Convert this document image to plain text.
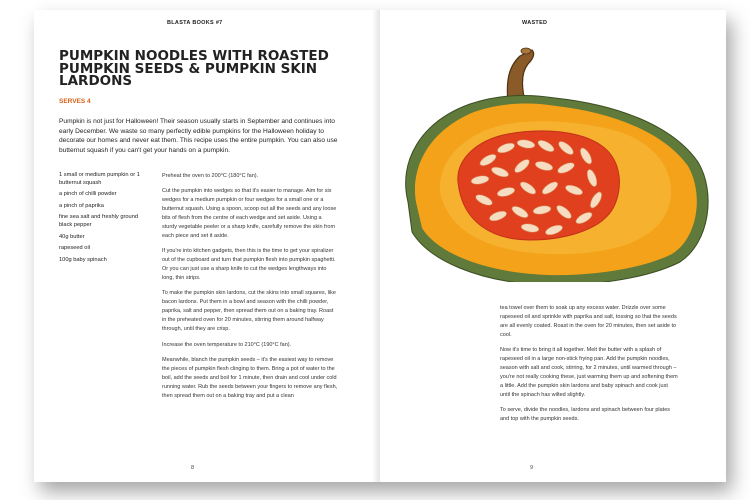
BLASTA BOOKS #7
PUMPKIN NOODLES WITH ROASTED PUMPKIN SEEDS & PUMPKIN SKIN LARDONS
SERVES 4

Pumpkin is not just for Halloween! Their season usually starts in September and continues into early December. We waste so many perfectly edible pumpkins for the Halloween holiday to decorate our homes and never eat them. This recipe uses the entire pumpkin. You can also use butternut squash if you can't get your hands on a pumpkin.

1 small or medium pumpkin or 1 butternut squash
a pinch of chilli powder
a pinch of paprika
fine sea salt and freshly ground black pepper
40g butter
rapeseed oil
100g baby spinach

Preheat the oven to 200°C (180°C fan).

Cut the pumpkin into wedges so that it's easier to manage. Aim for six wedges for a medium pumpkin or four wedges for a small one or a butternut squash. Using a spoon, scoop out all the seeds and any loose bits of flesh from the centre of each wedge and set aside. Using a sturdy vegetable peeler or a sharp knife, carefully remove the skin from each piece and set it aside.

If you're into kitchen gadgets, then this is the time to get your spiralizer out of the cupboard and turn that pumpkin flesh into pumpkin spaghetti. Or you can just use a sharp knife to cut the wedges lengthways into long, thin strips.

To make the pumpkin skin lardons, cut the skins into small squares, like bacon lardons. Put them in a bowl and season with the chilli powder, paprika, salt and pepper, then spread them out on a baking tray. Roast in the preheated oven for 20 minutes, stirring them around halfway through, until they are crisp.

Increase the oven temperature to 210°C (190°C fan).

Meanwhile, blanch the pumpkin seeds – it's the easiest way to remove the pieces of pumpkin flesh clinging to them. Bring a pot of water to the boil, add the seeds and boil for 1 minute, then drain and cool under cold running water. Rub the seeds between your fingers to remove any flesh, then spread them out on a baking tray and put a clean

8
WASTED

tea towel over them to soak up any excess water. Drizzle over some rapeseed oil and sprinkle with paprika and salt, tossing so that the seeds are all evenly coated. Roast in the oven for 20 minutes, then set aside to cool.

Now it's time to bring it all together. Melt the butter with a splash of rapeseed oil in a large non-stick frying pan. Add the pumpkin noodles, season with salt and cook, stirring, for 2 minutes, until warmed through – you're not really cooking these, just warming them up and softening them a little. Add the pumpkin skin lardons and baby spinach and cook just until the spinach has wilted slightly.

To serve, divide the noodles, lardons and spinach between four plates and top with the pumpkin seeds.

9
